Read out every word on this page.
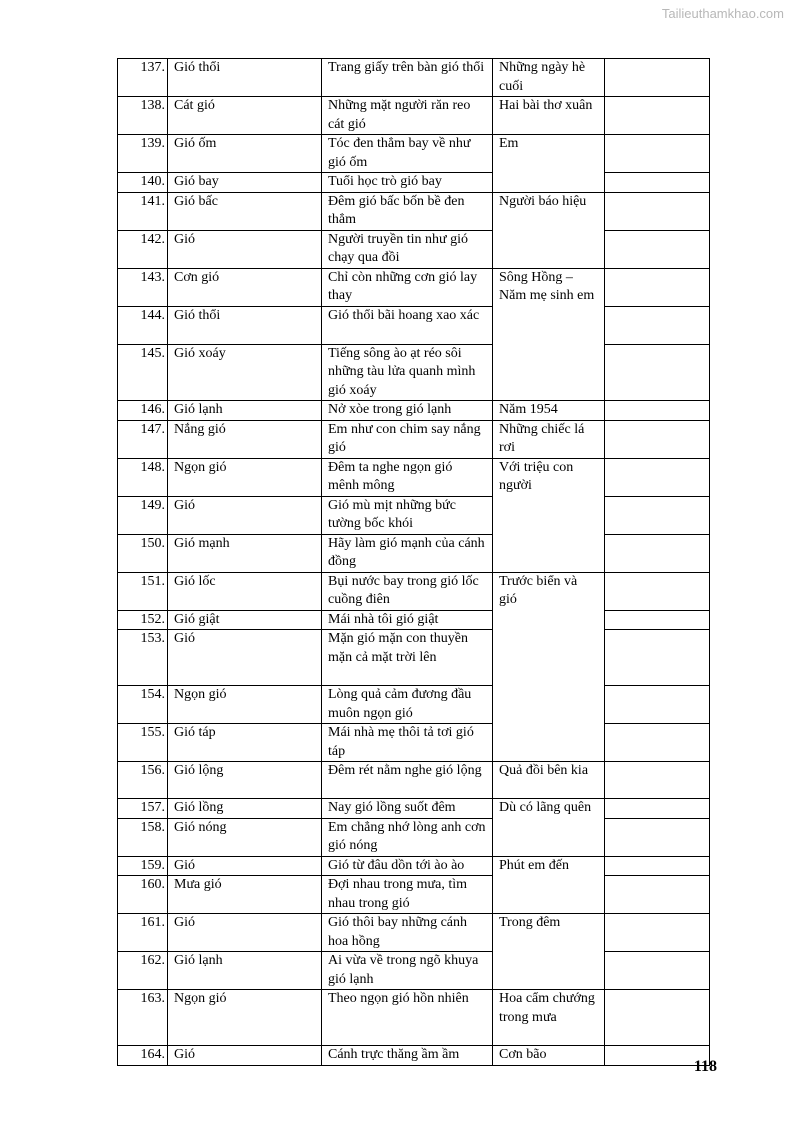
Tailieuthamkhao.com
137.	Gió thổi	Trang giấy trên bàn gió thổi	Những ngày hè cuối	
138.	Cát gió	Những mặt người răn reo cát gió	Hai bài thơ xuân	
139.	Gió ốm	Tóc đen thẳm bay về như gió ốm	Em	
140.	Gió bay	Tuổi học trò gió bay		
141.	Gió bấc	Đêm gió bấc bốn bề đen thẳm	Người báo hiệu	
142.	Gió	Người truyền tin như gió chạy qua đồi		
143.	Cơn gió	Chỉ còn những cơn gió lay thay	Sông Hồng – Năm mẹ sinh em	
144.	Gió thổi	Gió thổi bãi hoang xao xác		
145.	Gió xoáy	Tiếng sông ào ạt réo sôi những tàu lửa quanh mình gió xoáy		
146.	Gió lạnh	Nở xòe trong gió lạnh	Năm 1954	
147.	Nắng gió	Em như con chim say nắng gió	Những chiếc lá rơi	
148.	Ngọn gió	Đêm ta nghe ngọn gió mênh mông	Với triệu con người	
149.	Gió	Gió mù mịt những bức tường bốc khói		
150.	Gió mạnh	Hãy làm gió mạnh của cánh đồng		
151.	Gió lốc	Bụi nước bay trong gió lốc cuồng điên	Trước biển và gió	
152.	Gió giật	Mái nhà tôi gió giật		
153.	Gió	Mặn gió mặn con thuyền mặn cả mặt trời lên		
154.	Ngọn gió	Lòng quả cảm đương đầu muôn ngọn gió		
155.	Gió táp	Mái nhà mẹ thôi tả tơi gió táp		
156.	Gió lộng	Đêm rét nằm nghe gió lộng	Quả đồi bên kia	
157.	Gió lồng	Nay gió lồng suốt đêm	Dù có lãng quên	
158.	Gió nóng	Em chẳng nhớ lòng anh cơn gió nóng		
159.	Gió	Gió từ đâu dồn tới ào ào	Phút em đến	
160.	Mưa gió	Đợi nhau trong mưa, tìm nhau trong gió		
161.	Gió	Gió thôi bay những cánh hoa hồng	Trong đêm	
162.	Gió lạnh	Ai vừa về trong ngõ khuya gió lạnh		
163.	Ngọn gió	Theo ngọn gió hồn nhiên	Hoa cẩm chướng trong mưa	
164.	Gió	Cánh trực thăng ầm ầm	Cơn bão	
118
